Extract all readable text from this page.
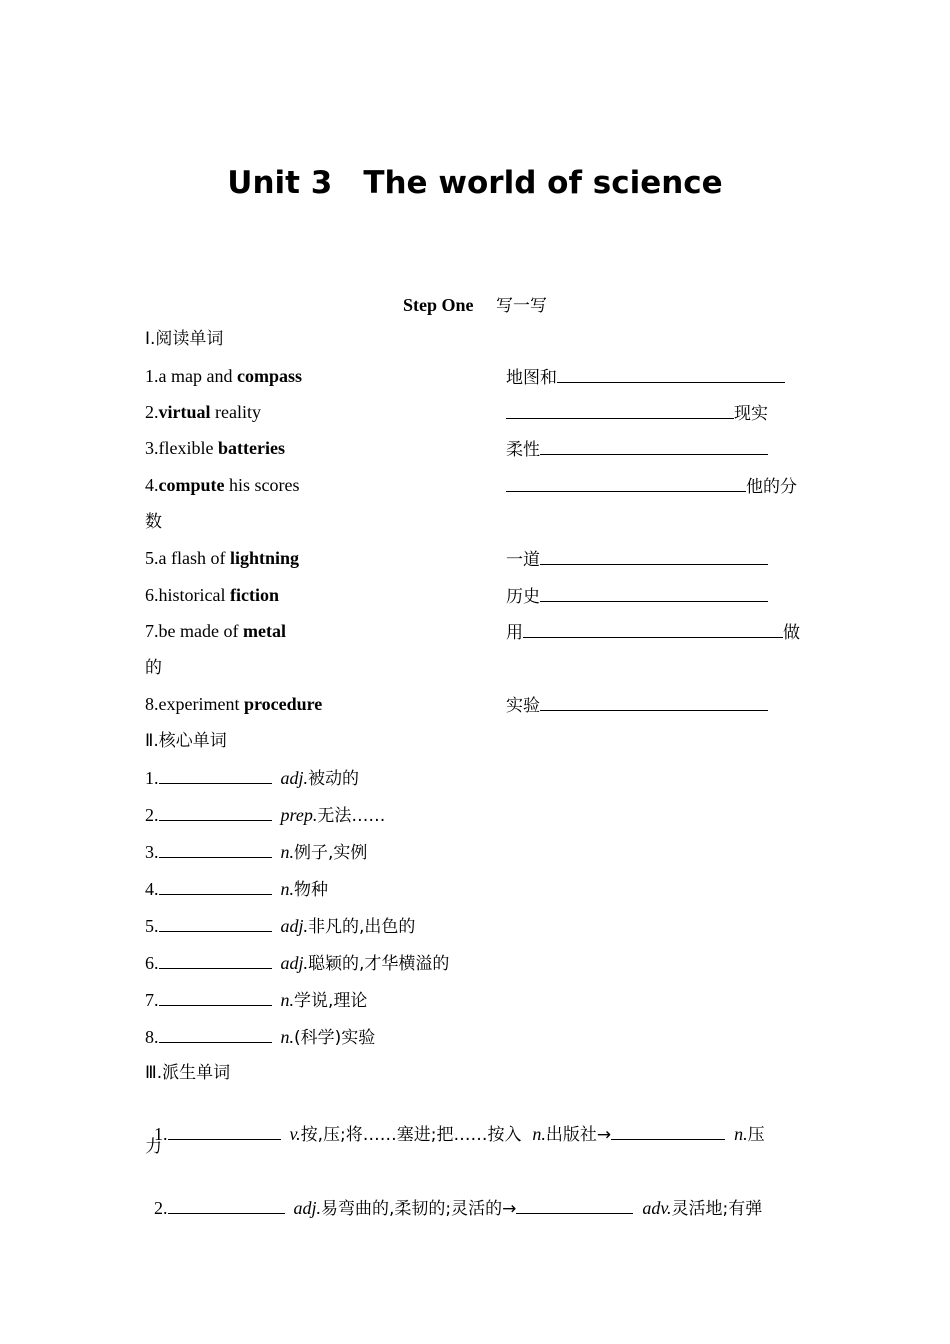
Unit 3　The world of science
Step One　 写一写
Ⅰ.阅读单词
1.a map and compass	地图和
2.virtual reality	现实
3.flexible batteries	柔性
4.compute his scores	他的分
数
5.a flash of lightning	一道
6.historical fiction	历史
7.be made of metal	用	做
的
8.experiment procedure	实验
Ⅱ.核心单词
1.	adj.被动的
2.	prep.无法……
3.	n.例子,实例
4.	n.物种
5.	adj.非凡的,出色的
6.	adj.聪颖的,才华横溢的
7.	n.学说,理论
8.	n.(科学)实验
Ⅲ.派生单词

1.	v.按,压;将……塞进;把……按入  n.出版社→	n.压

力

2.	adj.易弯曲的,柔韧的;灵活的→	adv.灵活地;有弹
